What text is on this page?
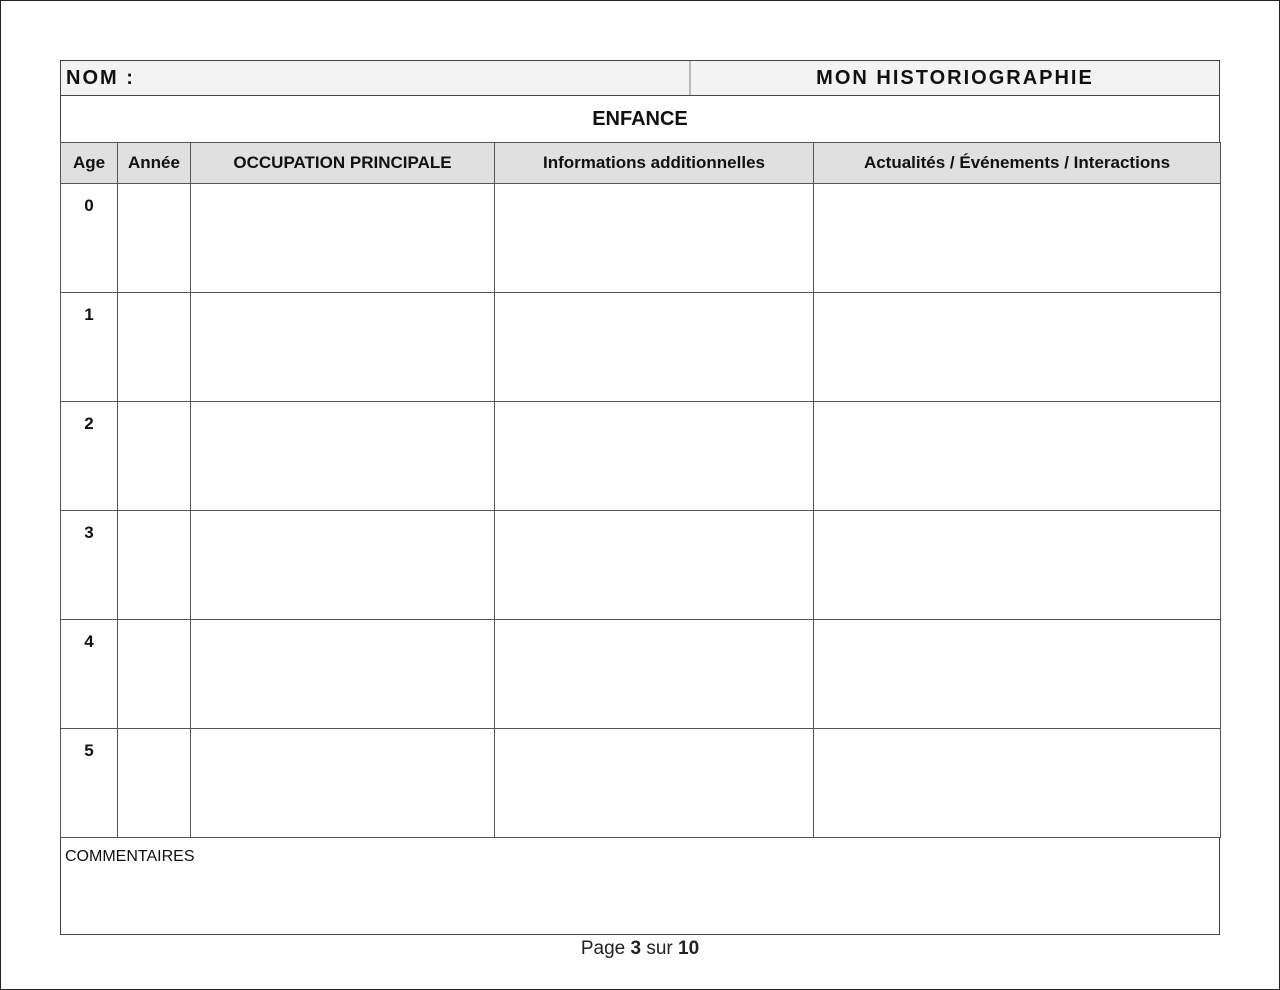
NOM :	MON HISTORIOGRAPHIE
ENFANCE
Age	Année	OCCUPATION PRINCIPALE	Informations additionnelles	Actualités / Événements / Interactions
0				
1				
2				
3				
4				
5				
COMMENTAIRES
Page 3 sur 10
